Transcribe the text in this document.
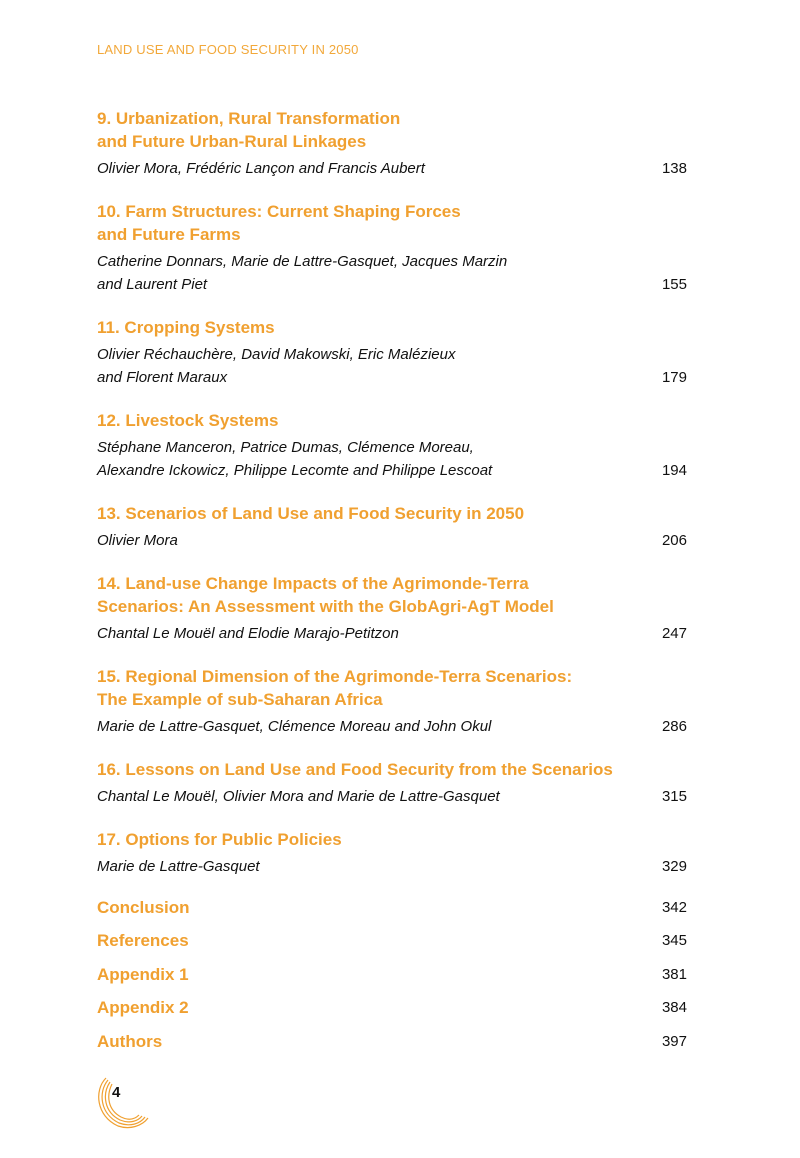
LAND USE AND FOOD SECURITY IN 2050
9. Urbanization, Rural Transformation
and Future Urban-Rural Linkages
Olivier Mora, Frédéric Lançon and Francis Aubert	138
10. Farm Structures: Current Shaping Forces
and Future Farms
Catherine Donnars, Marie de Lattre-Gasquet, Jacques Marzin
and Laurent Piet	155
11. Cropping Systems
Olivier Réchauchère, David Makowski, Eric Malézieux
and Florent Maraux	179
12. Livestock Systems
Stéphane Manceron, Patrice Dumas, Clémence Moreau,
Alexandre Ickowicz, Philippe Lecomte and Philippe Lescoat	194
13. Scenarios of Land Use and Food Security in 2050
Olivier Mora	206
14. Land-use Change Impacts of the Agrimonde-Terra
Scenarios: An Assessment with the GlobAgri-AgT Model
Chantal Le Mouël and Elodie Marajo-Petitzon	247
15. Regional Dimension of the Agrimonde-Terra Scenarios:
The Example of sub-Saharan Africa
Marie de Lattre-Gasquet, Clémence Moreau and John Okul	286
16. Lessons on Land Use and Food Security from the Scenarios
Chantal Le Mouël, Olivier Mora and Marie de Lattre-Gasquet	315
17. Options for Public Policies
Marie de Lattre-Gasquet	329
Conclusion	342
References	345
Appendix 1	381
Appendix 2	384
Authors	397
4
